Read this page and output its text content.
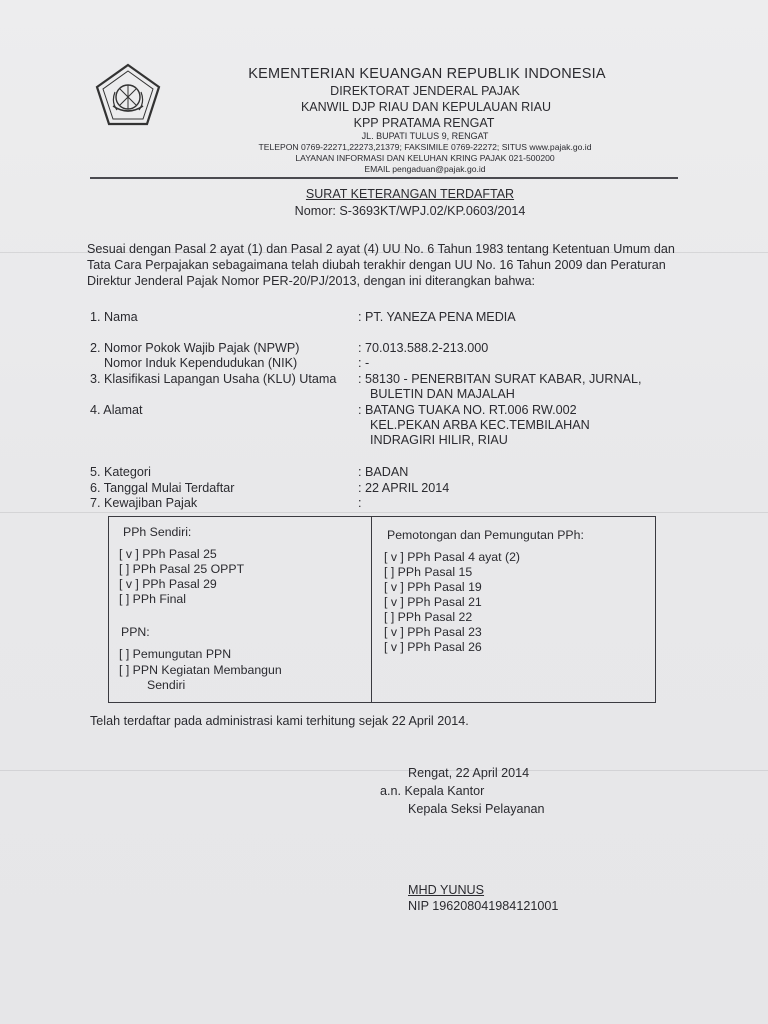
KEMENTERIAN KEUANGAN REPUBLIK INDONESIA
DIREKTORAT JENDERAL PAJAK
KANWIL DJP RIAU DAN KEPULAUAN RIAU
KPP PRATAMA RENGAT
JL. BUPATI TULUS 9, RENGAT
TELEPON 0769-22271,22273,21379; FAKSIMILE 0769-22272; SITUS www.pajak.go.id
LAYANAN INFORMASI DAN KELUHAN KRING PAJAK 021-500200
EMAIL pengaduan@pajak.go.id
SURAT KETERANGAN TERDAFTAR
Nomor: S-3693KT/WPJ.02/KP.0603/2014
Sesuai dengan Pasal 2 ayat (1) dan Pasal 2 ayat (4) UU No. 6 Tahun 1983 tentang Ketentuan Umum dan Tata Cara Perpajakan sebagaimana telah diubah terakhir dengan UU No. 16 Tahun 2009 dan Peraturan Direktur Jenderal Pajak Nomor PER-20/PJ/2013, dengan ini diterangkan bahwa:
1. Nama	: PT. YANEZA PENA MEDIA
2. Nomor Pokok Wajib Pajak (NPWP)	: 70.013.588.2-213.000
Nomor Induk Kependudukan (NIK)	: -
3. Klasifikasi Lapangan Usaha (KLU) Utama : 58130 - PENERBITAN SURAT KABAR, JURNAL,
BULETIN DAN MAJALAH
4. Alamat	: BATANG TUAKA NO. RT.006 RW.002
KEL.PEKAN ARBA KEC.TEMBILAHAN
INDRAGIRI HILIR, RIAU
5. Kategori	: BADAN
6. Tanggal Mulai Terdaftar	: 22 APRIL 2014
7. Kewajiban Pajak	:
PPh Sendiri:
[ v ] PPh Pasal 25
[ ] PPh Pasal 25 OPPT
[ v ] PPh Pasal 29
[ ] PPh Final
PPN:
[ ] Pemungutan PPN
[ ] PPN Kegiatan Membangun
Sendiri
Pemotongan dan Pemungutan PPh:
[ v ] PPh Pasal 4 ayat (2)
[ ] PPh Pasal 15
[ v ] PPh Pasal 19
[ v ] PPh Pasal 21
[ ] PPh Pasal 22
[ v ] PPh Pasal 23
[ v ] PPh Pasal 26
Telah terdaftar pada administrasi kami terhitung sejak 22 April 2014.
Rengat, 22 April 2014
a.n. Kepala Kantor
Kepala Seksi Pelayanan
MHD YUNUS
NIP 196208041984121001
